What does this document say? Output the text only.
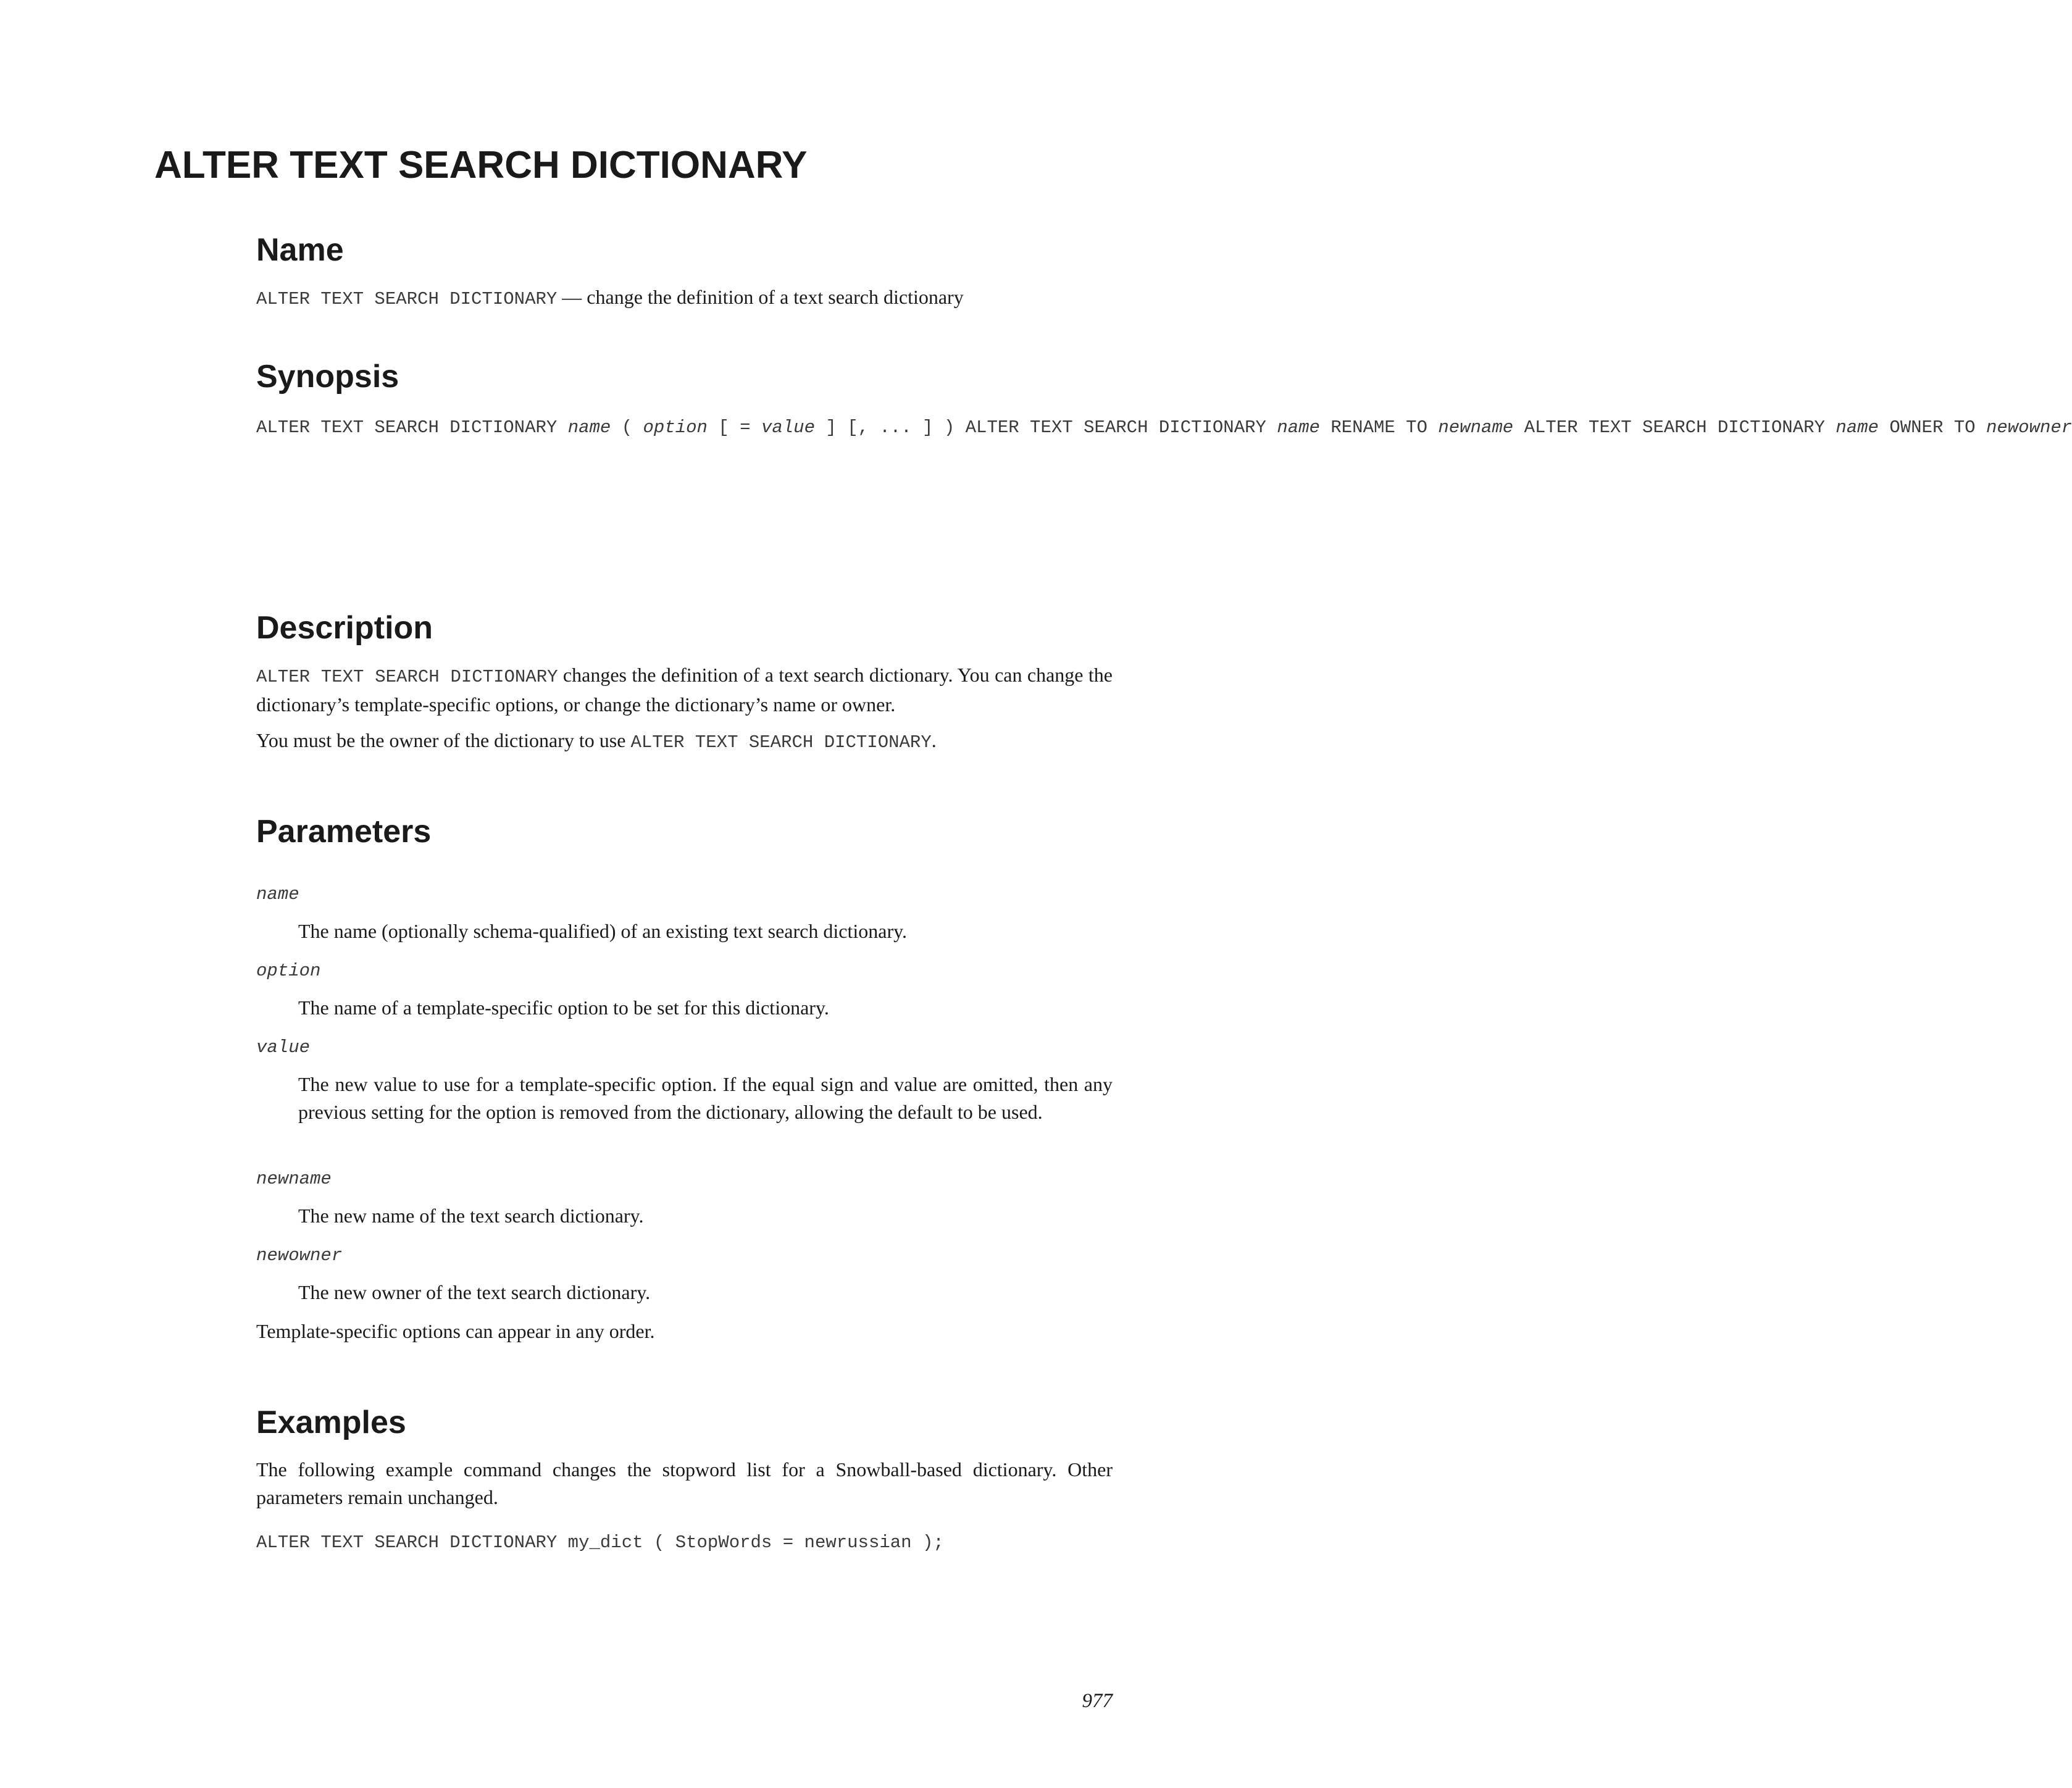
ALTER TEXT SEARCH DICTIONARY
Name

ALTER TEXT SEARCH DICTIONARY — change the definition of a text search dictionary

Synopsis
ALTER TEXT SEARCH DICTIONARY name ( option [ = value ] [, ... ] ) ALTER TEXT SEARCH DICTIONARY name RENAME TO newname ALTER TEXT SEARCH DICTIONARY name OWNER TO newowner
Description

ALTER TEXT SEARCH DICTIONARY changes the definition of a text search dictionary. You can change the dictionary’s template-specific options, or change the dictionary’s name or owner.

You must be the owner of the dictionary to use ALTER TEXT SEARCH DICTIONARY.

Parameters

name

The name (optionally schema-qualified) of an existing text search dictionary.

option

The name of a template-specific option to be set for this dictionary.

value

The new value to use for a template-specific option. If the equal sign and value are omitted, then any previous setting for the option is removed from the dictionary, allowing the default to be used.

newname

The new name of the text search dictionary.

newowner

The new owner of the text search dictionary.

Template-specific options can appear in any order.

Examples

The following example command changes the stopword list for a Snowball-based dictionary. Other parameters remain unchanged.

ALTER TEXT SEARCH DICTIONARY my_dict ( StopWords = newrussian );

977
